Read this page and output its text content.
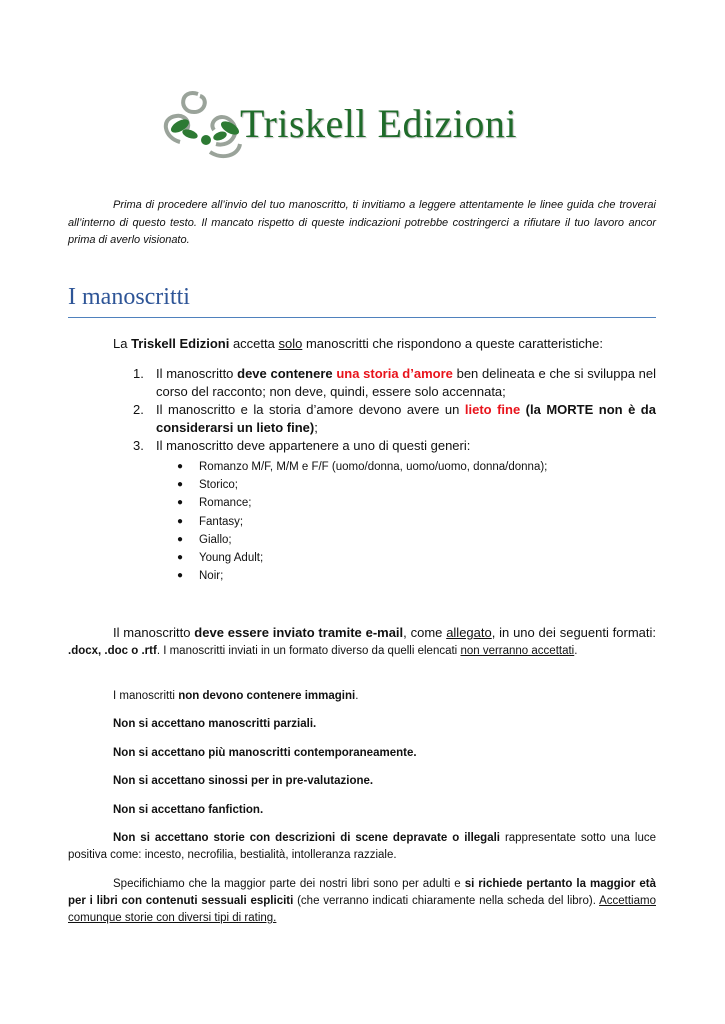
Triskell Edizioni
Prima di procedere all’invio del tuo manoscritto, ti invitiamo a leggere attentamente le linee guida che troverai all’interno di questo testo. Il mancato rispetto di queste indicazioni potrebbe costringerci a rifiutare il tuo lavoro ancor prima di averlo visionato.
I manoscritti
La Triskell Edizioni accetta solo manoscritti che rispondono a queste caratteristiche:
1. Il manoscritto deve contenere una storia d’amore ben delineata e che si sviluppa nel corso del racconto; non deve, quindi, essere solo accennata;
2. Il manoscritto e la storia d’amore devono avere un lieto fine (la MORTE non è da considerarsi un lieto fine);
3. Il manoscritto deve appartenere a uno di questi generi:
● Romanzo M/F, M/M e F/F (uomo/donna, uomo/uomo, donna/donna);
● Storico;
● Romance;
● Fantasy;
● Giallo;
● Young Adult;
● Noir;
Il manoscritto deve essere inviato tramite e-mail, come allegato, in uno dei seguenti formati: .docx, .doc o .rtf. I manoscritti inviati in un formato diverso da quelli elencati non verranno accettati.
I manoscritti non devono contenere immagini.
Non si accettano manoscritti parziali.
Non si accettano più manoscritti contemporaneamente.
Non si accettano sinossi per in pre-valutazione.
Non si accettano fanfiction.
Non si accettano storie con descrizioni di scene depravate o illegali rappresentate sotto una luce positiva come: incesto, necrofilia, bestialità, intolleranza razziale.
Specifichiamo che la maggior parte dei nostri libri sono per adulti e si richiede pertanto la maggior età per i libri con contenuti sessuali espliciti (che verranno indicati chiaramente nella scheda del libro). Accettiamo comunque storie con diversi tipi di rating.
